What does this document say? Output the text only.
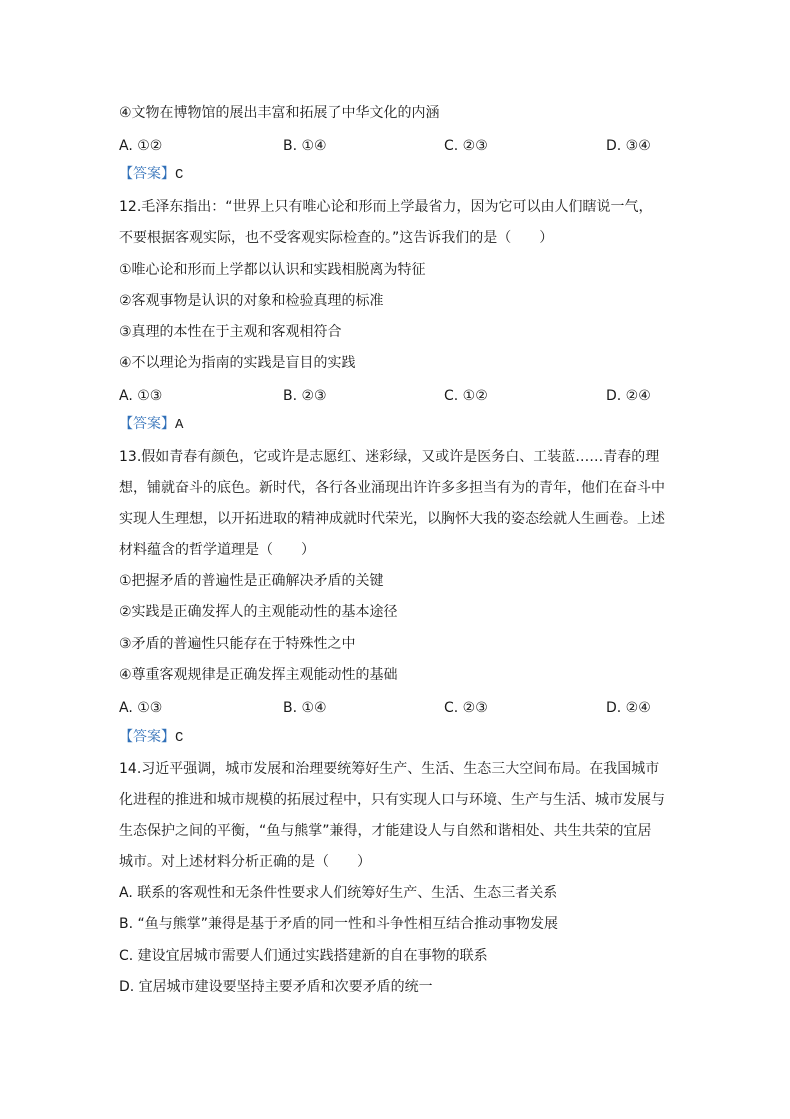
④文物在博物馆的展出丰富和拓展了中华文化的内涵
A. ①②	B. ①④	C. ②③	D. ③④
【答案】C
12.毛泽东指出：“世界上只有唯心论和形而上学最省力，因为它可以由人们瞎说一气，
不要根据客观实际，也不受客观实际检查的。”这告诉我们的是（　　）
①唯心论和形而上学都以认识和实践相脱离为特征
②客观事物是认识的对象和检验真理的标准
③真理的本性在于主观和客观相符合
④不以理论为指南的实践是盲目的实践
A. ①③	B. ②③	C. ①②	D. ②④
【答案】A
13.假如青春有颜色，它或许是志愿红、迷彩绿，又或许是医务白、工装蓝……青春的理
想，铺就奋斗的底色。新时代，各行各业涌现出许许多多担当有为的青年，他们在奋斗中
实现人生理想，以开拓进取的精神成就时代荣光，以胸怀大我的姿态绘就人生画卷。上述
材料蕴含的哲学道理是（　　）
①把握矛盾的普遍性是正确解决矛盾的关键
②实践是正确发挥人的主观能动性的基本途径
③矛盾的普遍性只能存在于特殊性之中
④尊重客观规律是正确发挥主观能动性的基础
A. ①③	B. ①④	C. ②③	D. ②④
【答案】C
14.习近平强调，城市发展和治理要统筹好生产、生活、生态三大空间布局。在我国城市
化进程的推进和城市规模的拓展过程中，只有实现人口与环境、生产与生活、城市发展与
生态保护之间的平衡，“鱼与熊掌”兼得，才能建设人与自然和谐相处、共生共荣的宜居
城市。对上述材料分析正确的是（　　）
A. 联系的客观性和无条件性要求人们统筹好生产、生活、生态三者关系
B. “鱼与熊掌”兼得是基于矛盾的同一性和斗争性相互结合推动事物发展
C. 建设宜居城市需要人们通过实践搭建新的自在事物的联系
D. 宜居城市建设要坚持主要矛盾和次要矛盾的统一
